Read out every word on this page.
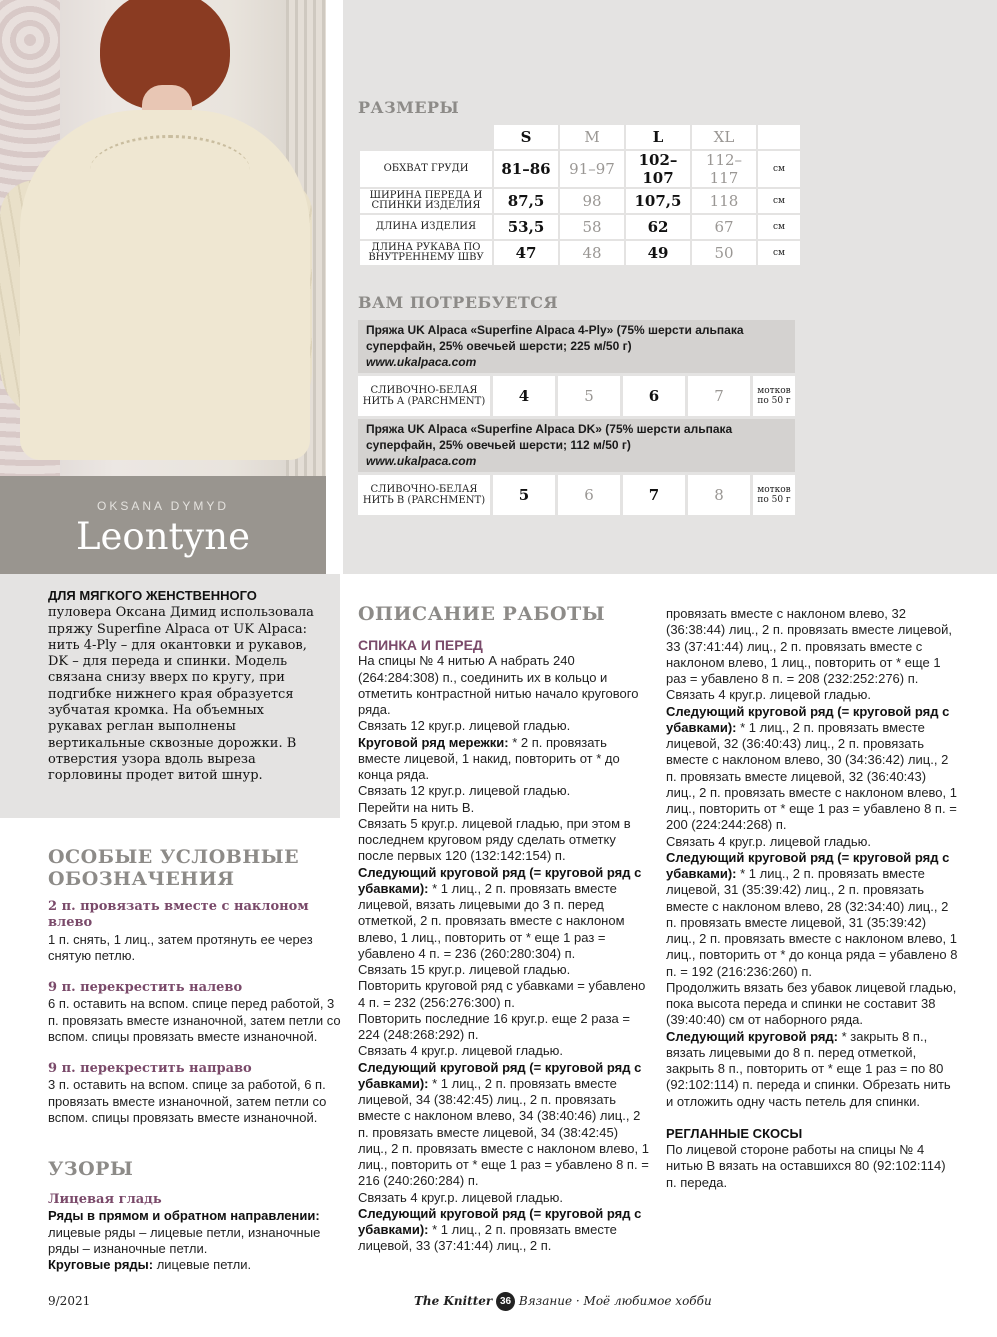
OKSANA DYMYD
Leontyne
РАЗМЕРЫ
	S	M	L	XL	
ОБХВАТ ГРУДИ	81–86	91–97	102–107	112–117	см
ШИРИНА ПЕРЕДА И СПИНКИ ИЗДЕЛИЯ	87,5	98	107,5	118	см
ДЛИНА ИЗДЕЛИЯ	53,5	58	62	67	см
ДЛИНА РУКАВА ПО ВНУТРЕННЕМУ ШВУ	47	48	49	50	см
ВАМ ПОТРЕБУЕТСЯ
Пряжа UK Alpaca «Superfine Alpaca 4-Ply» (75% шерсти альпака суперфайн, 25% овечьей шерсти; 225 м/50 г)
www.ukalpaca.com
СЛИВОЧНО-БЕЛАЯ НИТЬ А (PARCHMENT)	4	5	6	7	мотков по 50 г
Пряжа UK Alpaca «Superfine Alpaca DK» (75% шерсти альпака суперфайн, 25% овечьей шерсти; 112 м/50 г)
www.ukalpaca.com
СЛИВОЧНО-БЕЛАЯ НИТЬ В (PARCHMENT)	5	6	7	8	мотков по 50 г
ДЛЯ МЯГКОГО ЖЕНСТВЕННОГО пуловера Оксана Димид использовала пряжу Superfine Alpaca от UK Alpaca: нить 4-Ply – для окантовки и рукавов, DK – для переда и спинки. Модель связана снизу вверх по кругу, при подгибке нижнего края образуется зубчатая кромка. На объемных рукавах реглан выполнены вертикальные сквозные дорожки. В отверстия узора вдоль выреза горловины продет витой шнур.
ОСОБЫЕ УСЛОВНЫЕ
ОБОЗНАЧЕНИЯ
2 п. провязать вместе с наклоном влево
1 п. снять, 1 лиц., затем протянуть ее через снятую петлю.
9 п. перекрестить налево
6 п. оставить на вспом. спице перед работой, 3 п. провязать вместе изнаночной, затем петли со вспом. спицы провязать вместе изнаночной.
9 п. перекрестить направо
3 п. оставить на вспом. спице за работой, 6 п. провязать вместе изнаночной, затем петли со вспом. спицы провязать вместе изнаночной.
УЗОРЫ
Лицевая гладь
Ряды в прямом и обратном направлении: лицевые ряды – лицевые петли, изнаночные ряды – изнаночные петли.
Круговые ряды: лицевые петли.
ОПИСАНИЕ РАБОТЫ
СПИНКА И ПЕРЕД
На спицы № 4 нитью А набрать 240 (264:284:308) п., соединить их в кольцо и отметить контрастной нитью начало кругового ряда.
Связать 12 круг.р. лицевой гладью.
Круговой ряд мережки: * 2 п. провязать вместе лицевой, 1 накид, повторить от * до конца ряда.
Связать 12 круг.р. лицевой гладью.
Перейти на нить В.
Связать 5 круг.р. лицевой гладью, при этом в последнем круговом ряду сделать отметку после первых 120 (132:142:154) п.
Следующий круговой ряд (= круговой ряд с убавками): * 1 лиц., 2 п. провязать вместе лицевой, вязать лицевыми до 3 п. перед отметкой, 2 п. провязать вместе с наклоном влево, 1 лиц., повторить от * еще 1 раз = убавлено 4 п. = 236 (260:280:304) п.
Связать 15 круг.р. лицевой гладью.
Повторить круговой ряд с убавками = убавлено 4 п. = 232 (256:276:300) п.
Повторить последние 16 круг.р. еще 2 раза = 224 (248:268:292) п.
Связать 4 круг.р. лицевой гладью.
Следующий круговой ряд (= круговой ряд с убавками): * 1 лиц., 2 п. провязать вместе лицевой, 34 (38:42:45) лиц., 2 п. провязать вместе с наклоном влево, 34 (38:40:46) лиц., 2 п. провязать вместе лицевой, 34 (38:42:45) лиц., 2 п. провязать вместе с наклоном влево, 1 лиц., повторить от * еще 1 раз = убавлено 8 п. = 216 (240:260:284) п.
Связать 4 круг.р. лицевой гладью.
Следующий круговой ряд (= круговой ряд с убавками): * 1 лиц., 2 п. провязать вместе лицевой, 33 (37:41:44) лиц., 2 п.
провязать вместе с наклоном влево, 32 (36:38:44) лиц., 2 п. провязать вместе лицевой, 33 (37:41:44) лиц., 2 п. провязать вместе с наклоном влево, 1 лиц., повторить от * еще 1 раз = убавлено 8 п. = 208 (232:252:276) п.
Связать 4 круг.р. лицевой гладью.
Следующий круговой ряд (= круговой ряд с убавками): * 1 лиц., 2 п. провязать вместе лицевой, 32 (36:40:43) лиц., 2 п. провязать вместе с наклоном влево, 30 (34:36:42) лиц., 2 п. провязать вместе лицевой, 32 (36:40:43) лиц., 2 п. провязать вместе с наклоном влево, 1 лиц., повторить от * еще 1 раз = убавлено 8 п. = 200 (224:244:268) п.
Связать 4 круг.р. лицевой гладью.
Следующий круговой ряд (= круговой ряд с убавками): * 1 лиц., 2 п. провязать вместе лицевой, 31 (35:39:42) лиц., 2 п. провязать вместе с наклоном влево, 28 (32:34:40) лиц., 2 п. провязать вместе лицевой, 31 (35:39:42) лиц., 2 п. провязать вместе с наклоном влево, 1 лиц., повторить от * до конца ряда = убавлено 8 п. = 192 (216:236:260) п.
Продолжить вязать без убавок лицевой гладью, пока высота переда и спинки не составит 38 (39:40:40) см от наборного ряда.
Следующий круговой ряд: * закрыть 8 п., вязать лицевыми до 8 п. перед отметкой, закрыть 8 п., повторить от * еще 1 раз = по 80 (92:102:114) п. переда и спинки. Обрезать нить и отложить одну часть петель для спинки.
РЕГЛАННЫЕ СКОСЫ
По лицевой стороне работы на спицы № 4 нитью В вязать на оставшихся 80 (92:102:114) п. переда.
9/2021	The Knitter 36 Вязание · Моё любимое хобби
